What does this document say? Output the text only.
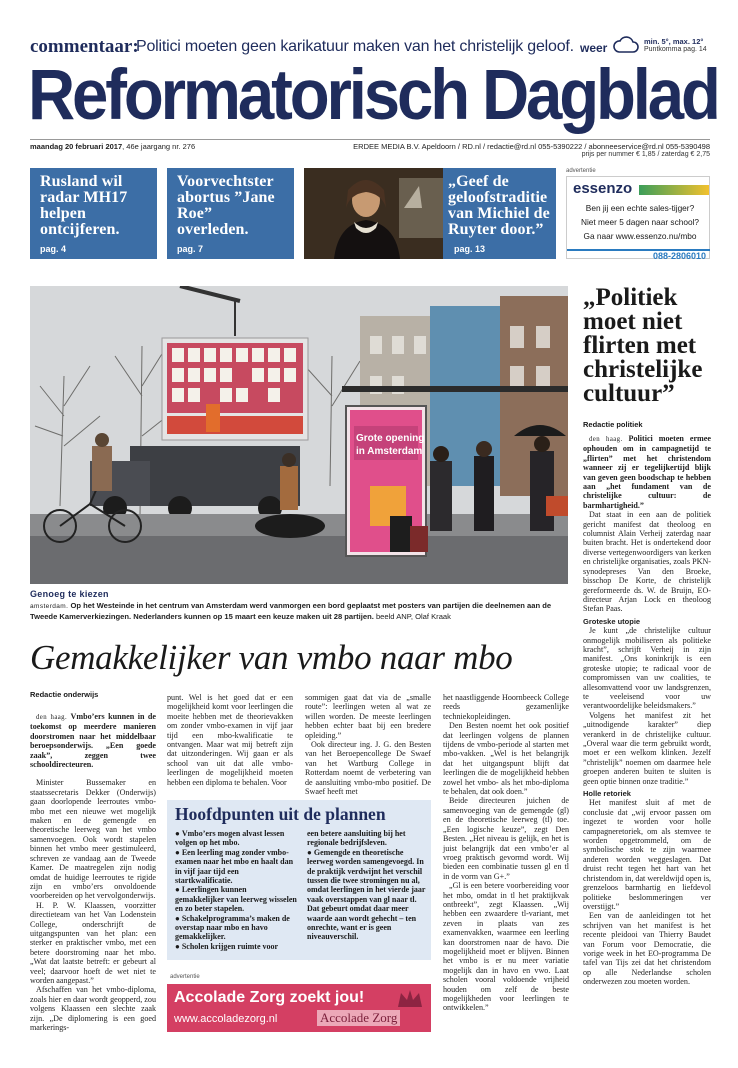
commentaar:
Politici moeten geen karikatuur maken van het christelijk geloof. weer	min. 5°, max. 12°
Puntkomma pag. 14
Reformatorisch Dagblad
maandag 20 februari 2017, 46e jaargang nr. 276	ERDEE MEDIA B.V. Apeldoorn / RD.nl / redactie@rd.nl 055-5390222 / abonneeservice@rd.nl 055-5390498
prijs per nummer € 1,85 / zaterdag € 2,75
Rusland wil radar MH17 helpen ontcijferen.
pag. 4
Voorvechtster abortus ”Jane Roe” overleden.
pag. 7
„Geef de geloofstraditie van Michiel de Ruyter door.”
pag. 13
advertentie
essenzo
Ben jij een echte sales-tijger?
Niet meer 5 dagen naar school?
Ga naar www.essenzo.nu/mbo
088-2806010
Grote opening
in Amsterdam
Genoeg te kiezen
amsterdam. Op het Westeinde in het centrum van Amsterdam werd vanmorgen een bord geplaatst met posters van partijen die deelnemen aan de Tweede Kamerverkiezingen. Nederlanders kunnen op 15 maart een keuze maken uit 28 partijen. beeld ANP, Olaf Kraak
„Politiek moet niet flirten met christelijke cultuur”
Redactie politiek

den haag. Politici moeten ermee ophouden om in campagnetijd te „flirten” met het christendom wanneer zij er tegelijkertijd blijk van geven geen boodschap te hebben aan „het fundament van de christelijke cultuur: de barmhartigheid.”

Dat staat in een aan de politiek gericht manifest dat theoloog en columnist Alain Verheij zaterdag naar buiten bracht. Het is ondertekend door diverse vertegenwoordigers van kerken en christelijke organisaties, zoals PKN-synodepreses Van den Broeke, bisschop De Korte, de christelijk gereformeerde ds. W. de Bruijn, EO-directeur Arjan Lock en theoloog Stefan Paas.

Groteske utopie

Je kunt „de christelijke cultuur onmogelijk mobiliseren als politieke kracht”, schrijft Verheij in zijn manifest. „Ons koninkrijk is een groteske utopie; te radicaal voor de compromissen van uw coalities, te allesomvattend voor uw landsgrenzen, te veeleisend voor uw verantwoordelijke beleidsmakers.”

Volgens het manifest zit het „uitnodigende karakter” diep verankerd in de christelijke cultuur. „Overal waar die term gebruikt wordt, moet er een welkom klinken. Jezelf ”christelijk” noemen om daarmee hele groepen anderen buiten te sluiten is geen optie binnen onze traditie.”

Holle retoriek

Het manifest sluit af met de conclusie dat „wij ervoor passen om ingezet te worden voor holle campagneretoriek, om als stemvee te worden opgetrommeld, om de symbolische stok te zijn waarmee anderen worden weggeslagen. Dat druist recht tegen het hart van het christendom in, dat wereldwijd open is, grenzeloos barmhartig en liefdevol politieke beslommeringen ver overstijgt.”

Een van de aanleidingen tot het schrijven van het manifest is het recente pleidooi van Thierry Baudet van Forum voor Democratie, die vorige week in het EO-programma De tafel van Tijs zei dat het christendom op alle Nederlandse scholen onderwezen zou moeten worden.

Gemakkelijker van vmbo naar mbo
Redactie onderwijs

den haag. Vmbo’ers kunnen in de toekomst op meerdere manieren doorstromen naar het middelbaar beroepsonderwijs. „Een goede zaak”, zeggen twee schooldirecteuren.

Minister Bussemaker en staatssecretaris Dekker (Onderwijs) gaan doorlopende leerroutes vmbo-mbo met een nieuwe wet mogelijk maken en de gemengde en theoretische leerweg van het vmbo samenvoegen. Ook wordt stapelen binnen het vmbo meer gestimuleerd, schreven ze vandaag aan de Tweede Kamer. De maatregelen zijn nodig omdat de huidige leerroutes te rigide zijn en vmbo’ers onvoldoende voorbereiden op het vervolgonderwijs.

H. P. W. Klaassen, voorzitter directieteam van het Van Lodenstein College, onderschrijft de uitgangspunten van het plan: een sterker en praktischer vmbo, met een betere doorstroming naar het mbo. „Wat dat laatste betreft: er gebeurt al veel; daarvoor hoeft de wet niet te worden aangepast.”

Afschaffen van het vmbo-diploma, zoals hier en daar wordt geopperd, zou volgens Klaassen een slechte zaak zijn. „De diplomering is een goed markerings-

punt. Wel is het goed dat er een mogelijkheid komt voor leerlingen die moeite hebben met de theorievakken om zonder vmbo-examen in vijf jaar tijd een mbo-kwalificatie te ontvangen. Maar wat mij betreft zijn dat uitzonderingen. Wij gaan er als school van uit dat alle vmbo-leerlingen de mogelijkheid moeten hebben een diploma te behalen. Voor

sommigen gaat dat via de „smalle route”: leerlingen weten al wat ze willen worden. De meeste leerlingen hebben echter baat bij een bredere opleiding.”

Ook directeur ing. J. G. den Besten van het Beroepencollege De Swaef van het Wartburg College in Rotterdam noemt de verbetering van de aansluiting vmbo-mbo positief. De Swaef heeft met

het naastliggende Hoornbeeck College reeds gezamenlijke techniekopleidingen.

Den Besten noemt het ook positief dat leerlingen volgens de plannen tijdens de vmbo-periode al starten met mbo-vakken. „Wel is het belangrijk dat het uitgangspunt blijft dat leerlingen die de mogelijkheid hebben zowel het vmbo- als het mbo-diploma te behalen, dat ook doen.”

Beide directeuren juichen de samenvoeging van de gemengde (gl) en de theoretische leerweg (tl) toe. „Een logische keuze”, zegt Den Besten. „Het niveau is gelijk, en het is juist belangrijk dat een vmbo’er al vroeg praktisch gevormd wordt. Wij bieden een combinatie tussen gl en tl in de vorm van G+.”

„Gl is een betere voorbereiding voor het mbo, omdat in tl het praktijkvak ontbreekt”, zegt Klaassen. „Wij hebben een zwaardere tl-variant, met zeven in plaats van zes examenvakken, waarmee een leerling kan doorstromen naar de havo. Die mogelijkheid moet er blijven. Binnen het vmbo is er nu meer variatie mogelijk dan in havo en vwo. Laat scholen vooral voldoende vrijheid houden om zelf de beste mogelijkheden voor leerlingen te ontwikkelen.”

Hoofdpunten uit de plannen
● Vmbo’ers mogen alvast lessen volgen op het mbo.
● Een leerling mag zonder vmbo-examen naar het mbo en haalt dan in vijf jaar tijd een startkwalificatie.
● Leerlingen kunnen gemakkelijker van leerweg wisselen en zo beter stapelen.
● Schakelprogramma’s maken de overstap naar mbo en havo gemakkelijker.
● Scholen krijgen ruimte voor
een betere aansluiting bij het regionale bedrijfsleven.
● Gemengde en theoretische leerweg worden samengevoegd. In de praktijk verdwijnt het verschil tussen die twee stromingen nu al, omdat leerlingen in het vierde jaar vaak overstappen van gl naar tl. Dat gebeurt omdat daar meer waarde aan wordt gehecht – ten onrechte, want er is geen niveauverschil.
advertentie
Accolade Zorg zoekt jou!
www.accoladezorg.nl	Accolade Zorg
